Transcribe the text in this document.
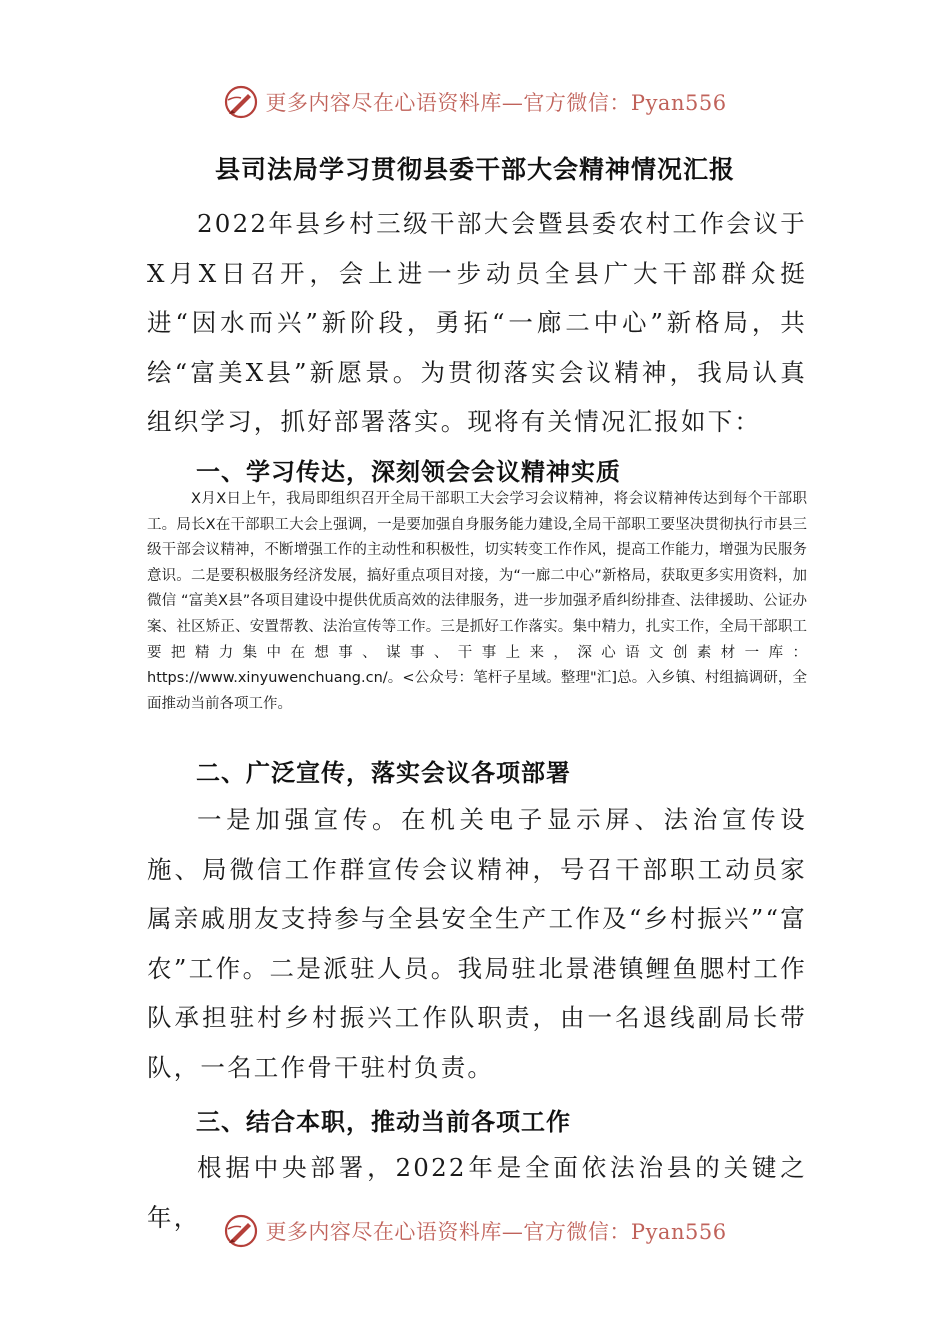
更多内容尽在心语资料库—官方微信：Pyan556
县司法局学习贯彻县委干部大会精神情况汇报

2022年县乡村三级干部大会暨县委农村工作会议于X月X日召开，会上进一步动员全县广大干部群众挺进“因水而兴”新阶段，勇拓“一廊二中心”新格局，共绘“富美X县”新愿景。为贯彻落实会议精神，我局认真组织学习，抓好部署落实。现将有关情况汇报如下：

一、学习传达，深刻领会会议精神实质

X月X日上午，我局即组织召开全局干部职工大会学习会议精神，将会议精神传达到每个干部职工。局长X在干部职工大会上强调，一是要加强自身服务能力建设,全局干部职工要坚决贯彻执行市县三级干部会议精神，不断增强工作的主动性和积极性，切实转变工作作风，提高工作能力，增强为民服务意识。二是要积极服务经济发展，搞好重点项目对接，为“一廊二中心”新格局，获取更多实用资料，加微信 “富美X县”各项目建设中提供优质高效的法律服务，进一步加强矛盾纠纷排查、法律援助、公证办案、社区矫正、安置帮教、法治宣传等工作。三是抓好工作落实。集中精力，扎实工作，全局干部职工要把精力集中在想事、谋事、干事上来，深心语文创素材一库：https://www.xinyuwenchuang.cn/。<公众号：笔杆子星域。整理"汇]总。入乡镇、村组搞调研，全面推动当前各项工作。

二、广泛宣传，落实会议各项部署

一是加强宣传。在机关电子显示屏、法治宣传设施、局微信工作群宣传会议精神，号召干部职工动员家属亲戚朋友支持参与全县安全生产工作及“乡村振兴”“富农”工作。二是派驻人员。我局驻北景港镇鲤鱼腮村工作队承担驻村乡村振兴工作队职责，由一名退线副局长带队，一名工作骨干驻村负责。

三、结合本职，推动当前各项工作

根据中央部署，2022年是全面依法治县的关键之年，

更多内容尽在心语资料库—官方微信：Pyan556
